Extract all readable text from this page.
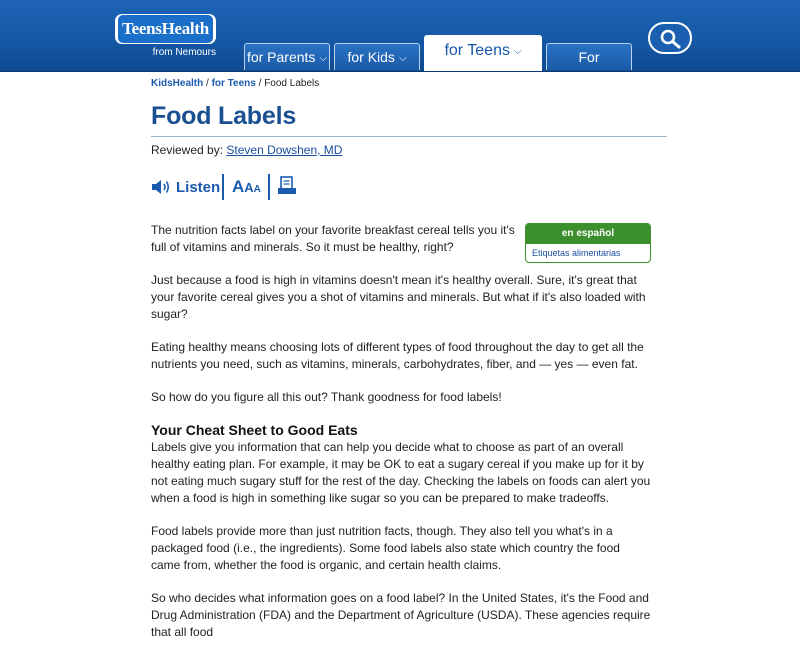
TeensHealth
from Nemours for Parents ⌵	for Kids ⌵	for Teens ⌵	For Educators
KidsHealth / for Teens / Food Labels
Food Labels
Reviewed by: Steven Dowshen, MD
Listen AAA
en español
Etiquetas alimentarias

The nutrition facts label on your favorite breakfast cereal tells you it's full of vitamins and minerals. So it must be healthy, right?

Just because a food is high in vitamins doesn't mean it's healthy overall. Sure, it's great that your favorite cereal gives you a shot of vitamins and minerals. But what if it's also loaded with sugar?

Eating healthy means choosing lots of different types of food throughout the day to get all the nutrients you need, such as vitamins, minerals, carbohydrates, fiber, and — yes — even fat.

So how do you figure all this out? Thank goodness for food labels!

Your Cheat Sheet to Good Eats

Labels give you information that can help you decide what to choose as part of an overall healthy eating plan. For example, it may be OK to eat a sugary cereal if you make up for it by not eating much sugary stuff for the rest of the day. Checking the labels on foods can alert you when a food is high in something like sugar so you can be prepared to make tradeoffs.

Food labels provide more than just nutrition facts, though. They also tell you what's in a packaged food (i.e., the ingredients). Some food labels also state which country the food came from, whether the food is organic, and certain health claims.

So who decides what information goes on a food label? In the United States, it's the Food and Drug Administration (FDA) and the Department of Agriculture (USDA). These agencies require that all food
